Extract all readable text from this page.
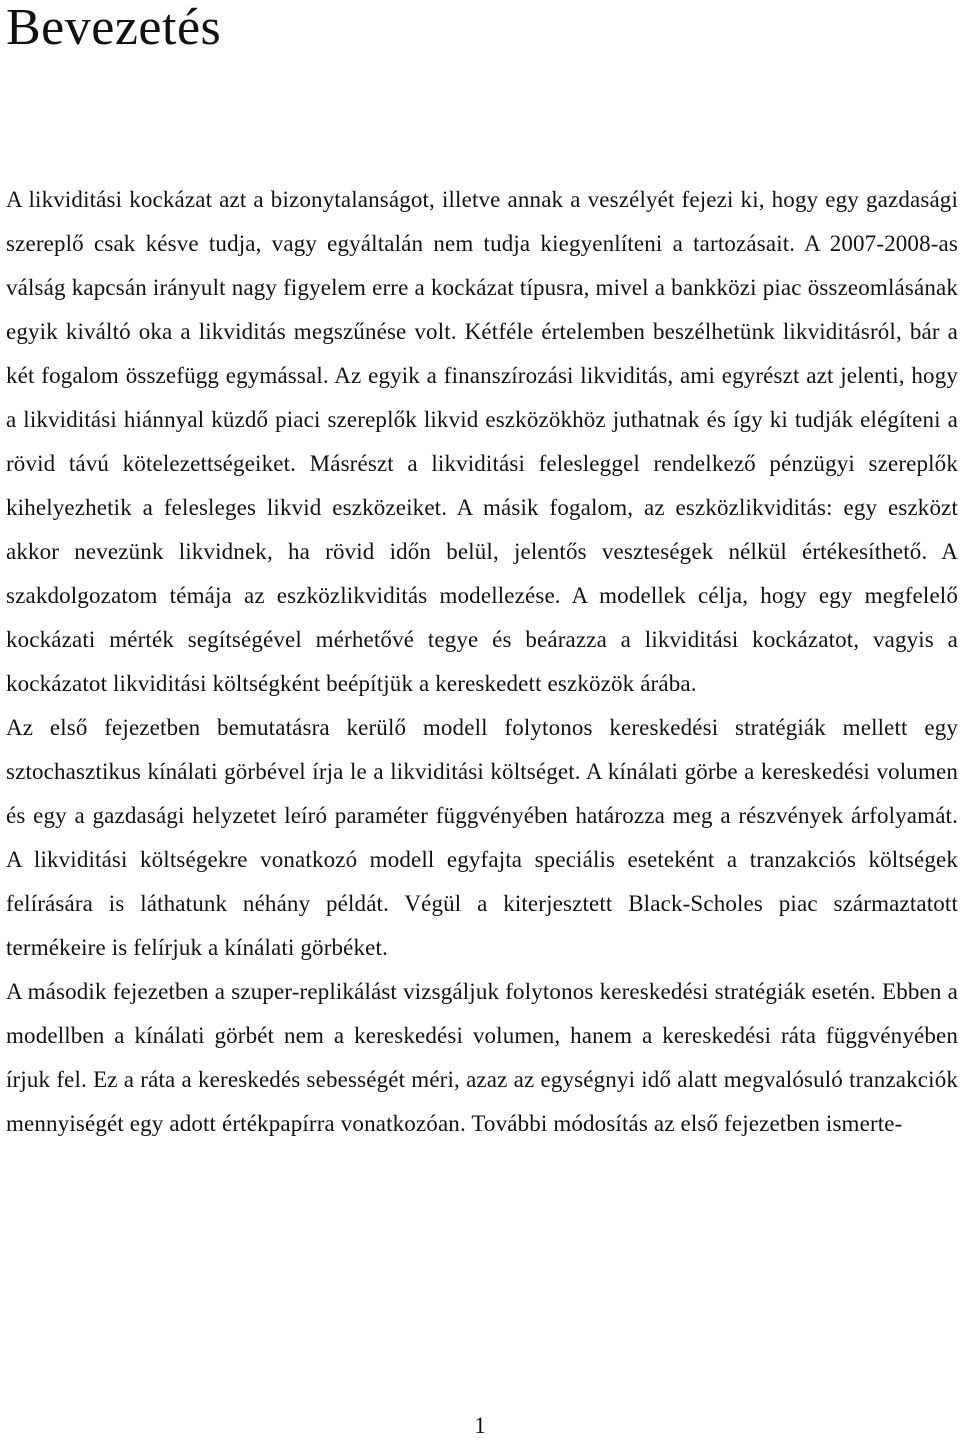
Bevezetés

A likviditási kockázat azt a bizonytalanságot, illetve annak a veszélyét fejezi ki, hogy egy gazdasági szereplő csak késve tudja, vagy egyáltalán nem tudja kiegyenlíteni a tartozásait. A 2007-2008-as válság kapcsán irányult nagy figyelem erre a kockázat típusra, mivel a bankközi piac összeomlásának egyik kiváltó oka a likviditás megszűnése volt. Kétféle értelemben beszélhetünk likviditásról, bár a két fogalom összefügg egymással. Az egyik a finanszírozási likviditás, ami egyrészt azt jelenti, hogy a likviditási hiánnyal küzdő piaci szereplők likvid eszközökhöz juthatnak és így ki tudják elégíteni a rövid távú kötelezettségeiket. Másrészt a likviditási felesleggel rendelkező pénzügyi szereplők kihelyezhetik a felesleges likvid eszközeiket. A másik fogalom, az eszközlikviditás: egy eszközt akkor nevezünk likvidnek, ha rövid időn belül, jelentős veszteségek nélkül értékesíthető. A szakdolgozatom témája az eszközlikviditás modellezése. A modellek célja, hogy egy megfelelő kockázati mérték segítségével mérhetővé tegye és beárazza a likviditási kockázatot, vagyis a kockázatot likviditási költségként beépítjük a kereskedett eszközök árába.

Az első fejezetben bemutatásra kerülő modell folytonos kereskedési stratégiák mellett egy sztochasztikus kínálati görbével írja le a likviditási költséget. A kínálati görbe a kereskedési volumen és egy a gazdasági helyzetet leíró paraméter függvényében határozza meg a részvények árfolyamát. A likviditási költségekre vonatkozó modell egyfajta speciális eseteként a tranzakciós költségek felírására is láthatunk néhány példát. Végül a kiterjesztett Black-Scholes piac származtatott termékeire is felírjuk a kínálati görbéket.

A második fejezetben a szuper-replikálást vizsgáljuk folytonos kereskedési stratégiák esetén. Ebben a modellben a kínálati görbét nem a kereskedési volumen, hanem a kereskedési ráta függvényében írjuk fel. Ez a ráta a kereskedés sebességét méri, azaz az egységnyi idő alatt megvalósuló tranzakciók mennyiségét egy adott értékpapírra vonatkozóan. További módosítás az első fejezetben ismerte-

1
